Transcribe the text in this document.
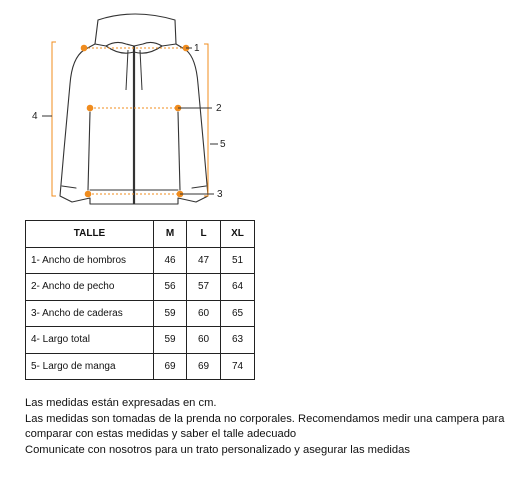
1
2
3
4
5
TALLE	M	L	XL
1- Ancho de hombros	46	47	51
2- Ancho de pecho	56	57	64
3- Ancho de caderas	59	60	65
4- Largo total	59	60	63
5- Largo de manga	69	69	74

Las medidas están expresadas en cm.

Las medidas son tomadas de la prenda no corporales. Recomendamos medir una campera para comparar con estas medidas y saber el talle adecuado

Comunicate con nosotros para un trato personalizado y asegurar las medidas
